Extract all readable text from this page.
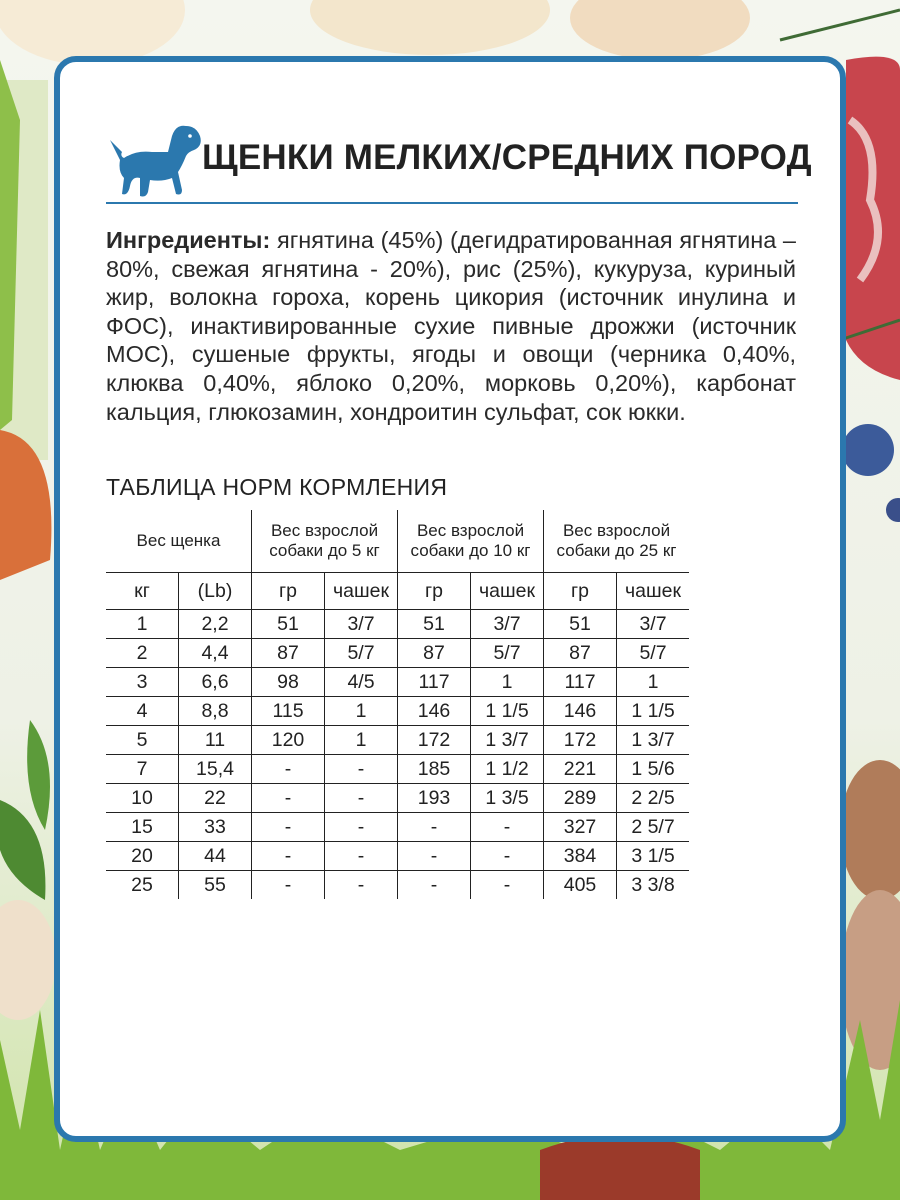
ЩЕНКИ МЕЛКИХ/СРЕДНИХ ПОРОД
Ингредиенты: ягнятина (45%) (дегидратированная ягнятина – 80%, свежая ягнятина - 20%), рис (25%), кукуруза, куриный жир, волокна гороха, корень цикория (источник инулина и ФОС), инактивированные сухие пивные дрожжи (источник МОС), сушеные фрукты, ягоды и овощи (черника 0,40%, клюква 0,40%, яблоко 0,20%, морковь 0,20%), карбонат кальция, глюкозамин, хондроитин сульфат, сок юкки.
ТАБЛИЦА НОРМ КОРМЛЕНИЯ
Вес щенка		Вес взрослой собаки до 5 кг		Вес взрослой собаки до 10 кг		Вес взрослой собаки до 25 кг	
кг	(Lb)	гр	чашек	гр	чашек	гр	чашек
1	2,2	51	3/7	51	3/7	51	3/7
2	4,4	87	5/7	87	5/7	87	5/7
3	6,6	98	4/5	117	1	117	1
4	8,8	115	1	146	1 1/5	146	1 1/5
5	11	120	1	172	1 3/7	172	1 3/7
7	15,4	-	-	185	1 1/2	221	1 5/6
10	22	-	-	193	1 3/5	289	2 2/5
15	33	-	-	-	-	327	2 5/7
20	44	-	-	-	-	384	3 1/5
25	55	-	-	-	-	405	3 3/8
